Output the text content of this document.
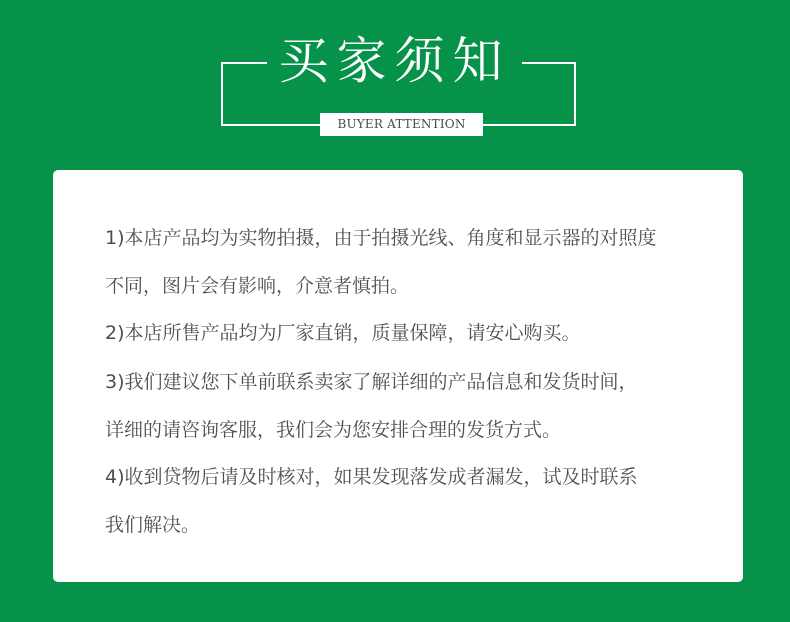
买家须知
BUYER ATTENTION
1)本店产品均为实物拍摄，由于拍摄光线、角度和显示器的对照度
不同，图片会有影响，介意者慎拍。
2)本店所售产品均为厂家直销，质量保障，请安心购买。
3)我们建议您下单前联系卖家了解详细的产品信息和发货时间，
详细的请咨询客服，我们会为您安排合理的发货方式。
4)收到贷物后请及时核对，如果发现落发成者漏发，试及时联系
我们解决。
